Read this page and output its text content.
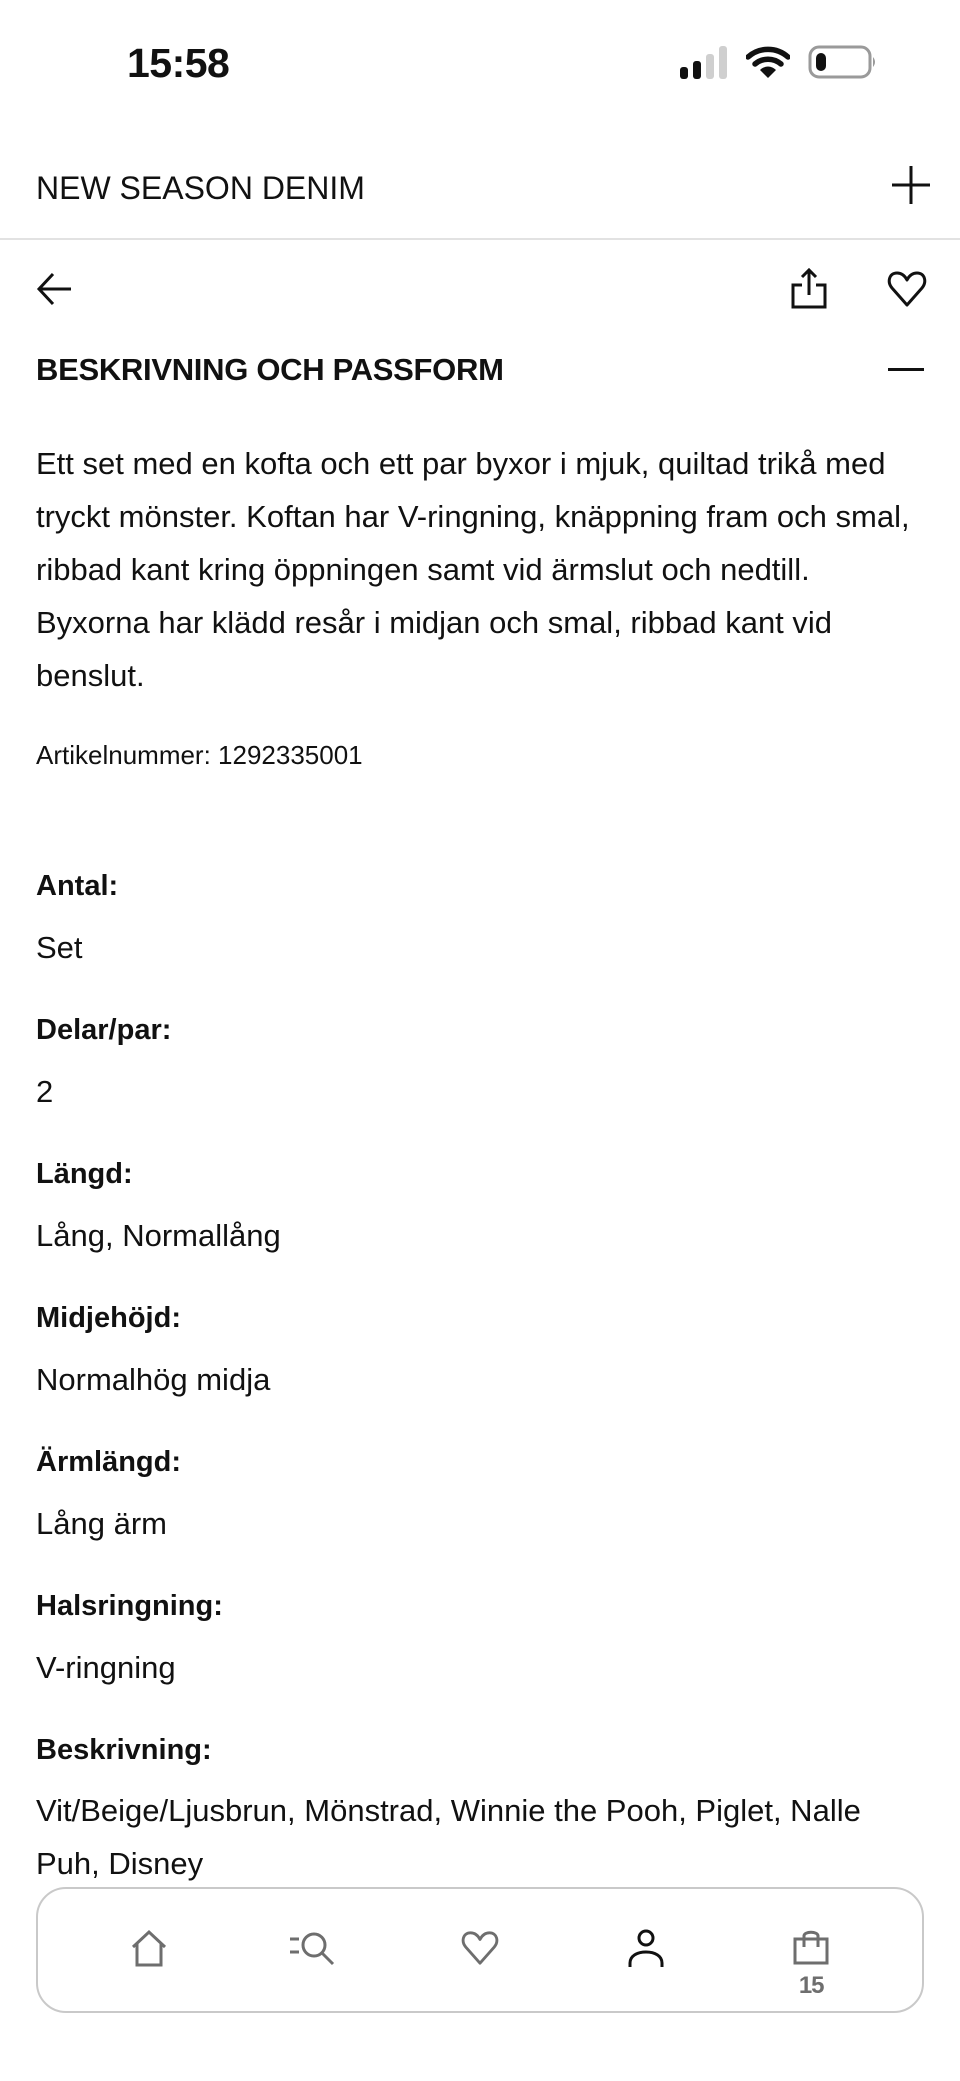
15:58
NEW SEASON DENIM
BESKRIVNING OCH PASSFORM
Ett set med en kofta och ett par byxor i mjuk, quiltad trikå med tryckt mönster. Koftan har V-ringning, knäppning fram och smal, ribbad kant kring öppningen samt vid ärmslut och nedtill. Byxorna har klädd resår i midjan och smal, ribbad kant vid benslut.
Artikelnummer: 1292335001
Antal:
Set
Delar/par:
2
Längd:
Lång, Normallång
Midjehöjd:
Normalhög midja
Ärmlängd:
Lång ärm
Halsringning:
V-ringning
Beskrivning:
Vit/Beige/Ljusbrun, Mönstrad, Winnie the Pooh, Piglet, Nalle Puh, Disney
15
